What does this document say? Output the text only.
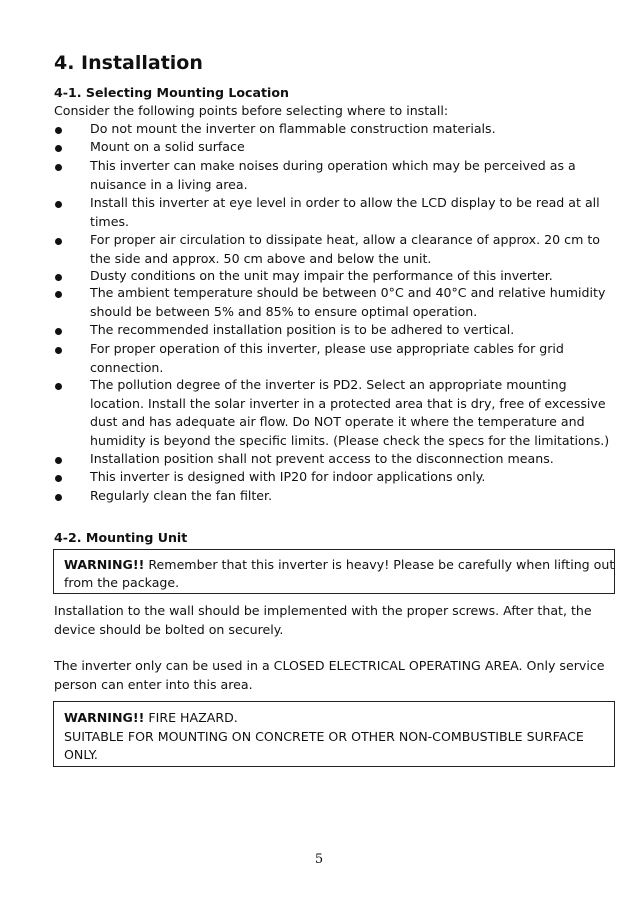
4. Installation
4-1. Selecting Mounting Location
Consider the following points before selecting where to install:
Do not mount the inverter on flammable construction materials.
Mount on a solid surface
This inverter can make noises during operation which may be perceived as a
nuisance in a living area.
Install this inverter at eye level in order to allow the LCD display to be read at all
times.
For proper air circulation to dissipate heat, allow a clearance of approx. 20 cm to
the side and approx. 50 cm above and below the unit.
Dusty conditions on the unit may impair the performance of this inverter.
The ambient temperature should be between 0°C and 40°C and relative humidity
should be between 5% and 85% to ensure optimal operation.
The recommended installation position is to be adhered to vertical.
For proper operation of this inverter, please use appropriate cables for grid
connection.
The pollution degree of the inverter is PD2. Select an appropriate mounting
location. Install the solar inverter in a protected area that is dry, free of excessive
dust and has adequate air flow. Do NOT operate it where the temperature and
humidity is beyond the specific limits. (Please check the specs for the limitations.)
Installation position shall not prevent access to the disconnection means.
This inverter is designed with IP20 for indoor applications only.
Regularly clean the fan filter.
4-2. Mounting Unit
WARNING!! Remember that this inverter is heavy! Please be carefully when lifting out
from the package.
Installation to the wall should be implemented with the proper screws. After that, the
device should be bolted on securely.
The inverter only can be used in a CLOSED ELECTRICAL OPERATING AREA. Only service
person can enter into this area.
WARNING!! FIRE HAZARD.
SUITABLE FOR MOUNTING ON CONCRETE OR OTHER NON-COMBUSTIBLE SURFACE
ONLY.
5
